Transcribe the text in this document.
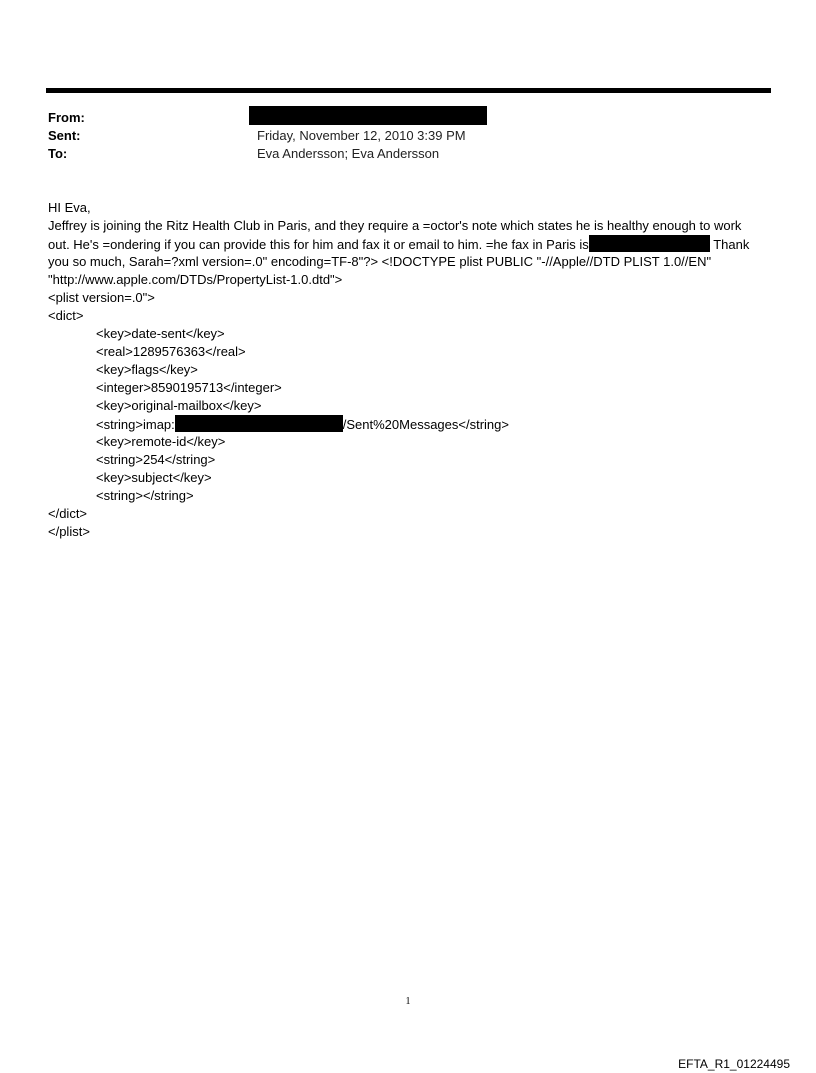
From:
Sent:	Friday, November 12, 2010 3:39 PM
To:	Eva Andersson; Eva Andersson
HI Eva,
Jeffrey is joining the Ritz Health Club in Paris, and they require a =octor's note which states he is healthy enough to work
out. He's =ondering if you can provide this for him and fax it or email to him. =he fax in Paris is	Thank
you so much, Sarah=?xml version=.0" encoding=TF-8"?> <!DOCTYPE plist PUBLIC "-//Apple//DTD PLIST 1.0//EN"
"http://www.apple.com/DTDs/PropertyList-1.0.dtd">
<plist version=.0">
<dict>
<key>date-sent</key>
<real>1289576363</real>
<key>flags</key>
<integer>8590195713</integer>
<key>original-mailbox</key>
<string>imap:	/Sent%20Messages</string>
<key>remote-id</key>
<string>254</string>
<key>subject</key>
<string></string>
</dict>
</plist>
1
EFTA_R1_01224495
